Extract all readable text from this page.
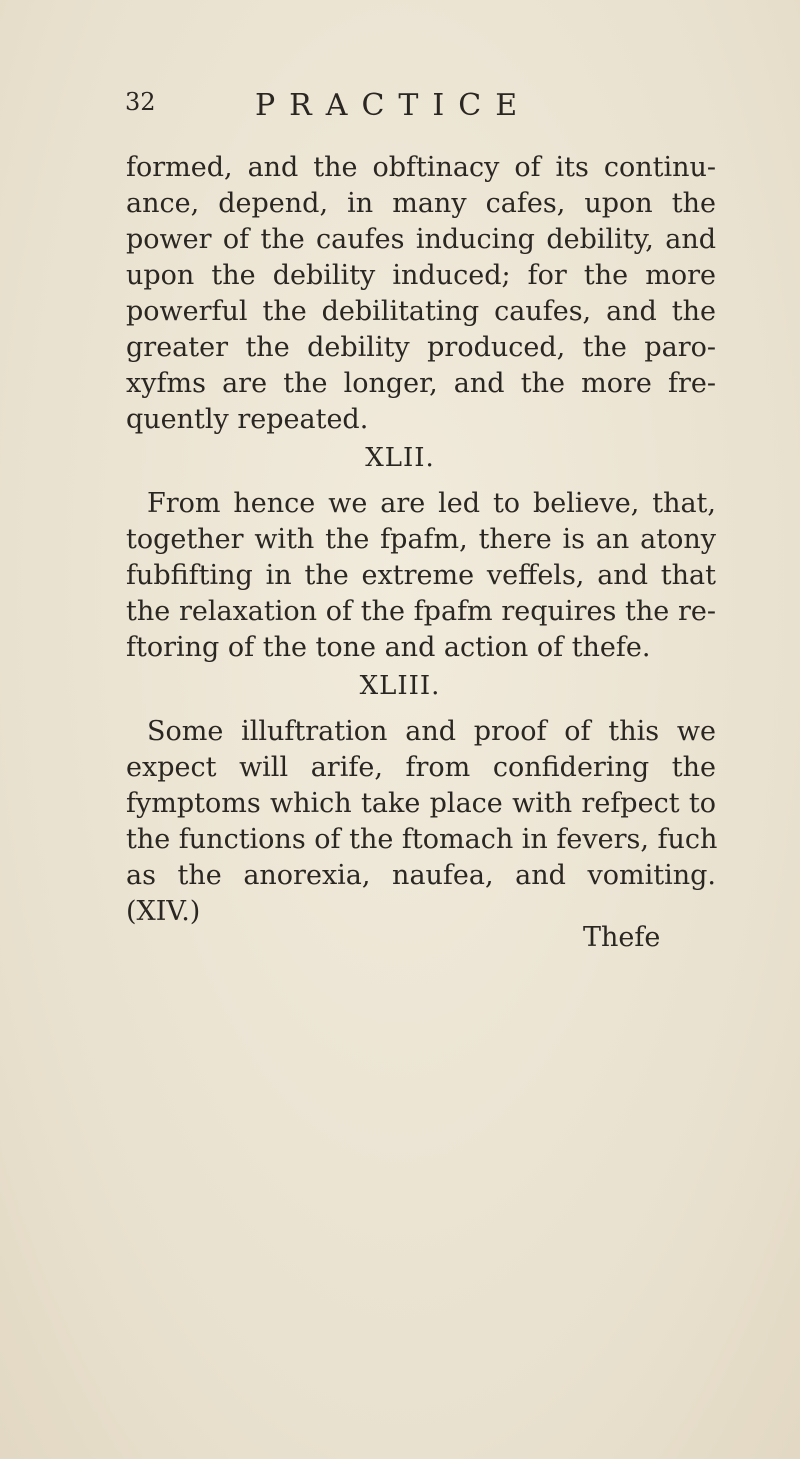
32	PRACTICE
formed, and the obftinacy of its continu-
ance, depend, in many cafes, upon the
power of the caufes inducing debility, and
upon the debility induced; for the more
powerful the debilitating caufes, and the
greater the debility produced, the paro-
xyfms are the longer, and the more fre-
quently repeated.
XLII.
From hence we are led to believe, that,
together with the fpafm, there is an atony
fubfifting in the extreme veffels, and that
the relaxation of the fpafm requires the re-
ftoring of the tone and action of thefe.
XLIII.
Some illuftration and proof of this we
expect will arife, from confidering the
fymptoms which take place with refpect to
the functions of the ftomach in fevers, fuch
as the anorexia, naufea, and vomiting.
(XIV.)
Thefe
